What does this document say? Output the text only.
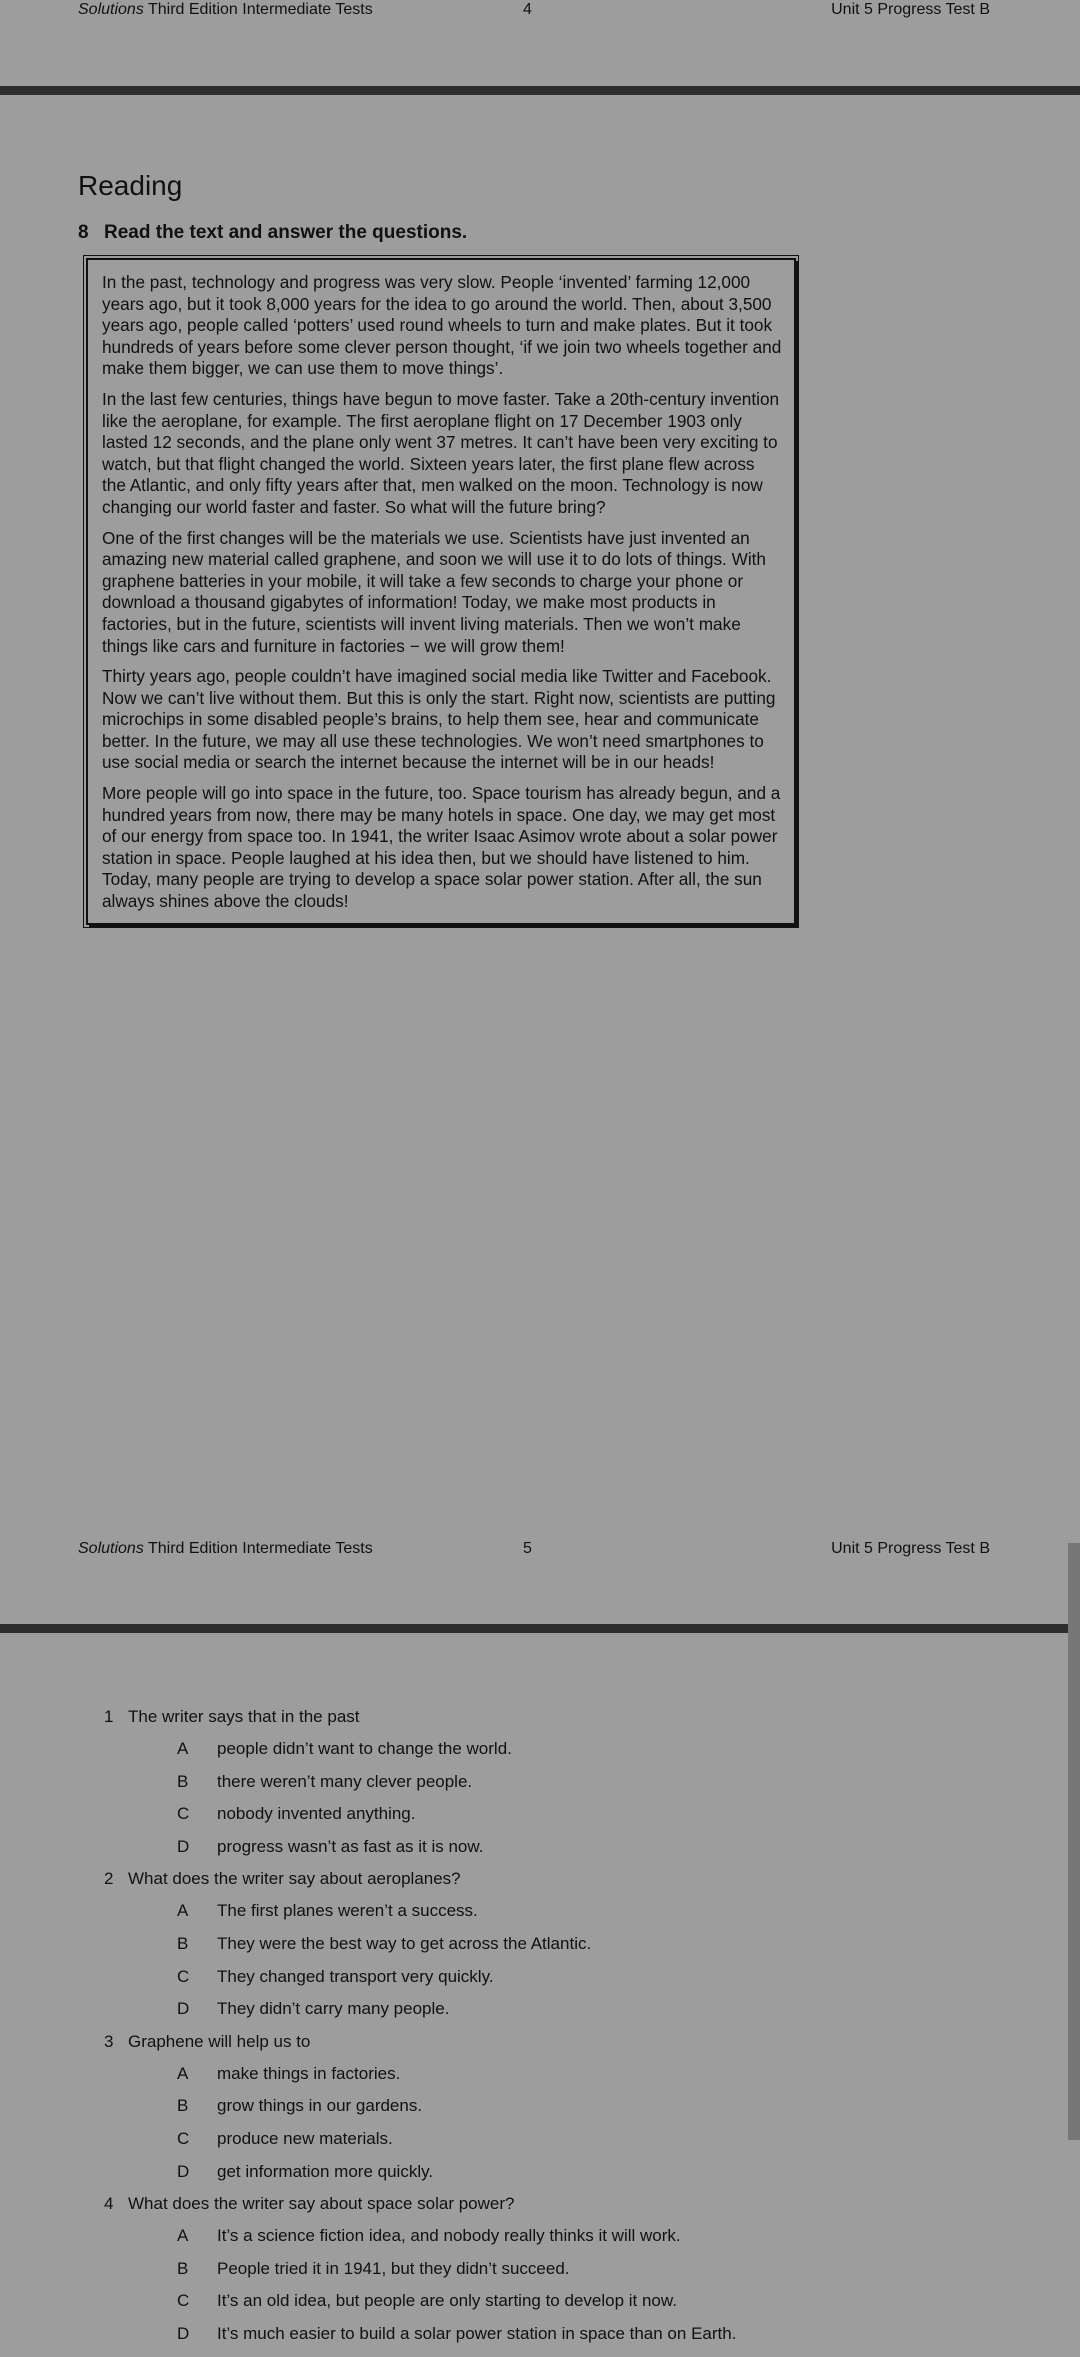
Solutions Third Edition Intermediate Tests	4	Unit 5 Progress Test B
Reading
8 Read the text and answer the questions.

In the past, technology and progress was very slow. People ‘invented’ farming 12,000 years ago, but it took 8,000 years for the idea to go around the world. Then, about 3,500 years ago, people called ‘potters’ used round wheels to turn and make plates. But it took hundreds of years before some clever person thought, ‘if we join two wheels together and make them bigger, we can use them to move things’.

In the last few centuries, things have begun to move faster. Take a 20th-century invention like the aeroplane, for example. The first aeroplane flight on 17 December 1903 only lasted 12 seconds, and the plane only went 37 metres. It can’t have been very exciting to watch, but that flight changed the world. Sixteen years later, the first plane flew across the Atlantic, and only fifty years after that, men walked on the moon. Technology is now changing our world faster and faster. So what will the future bring?

One of the first changes will be the materials we use. Scientists have just invented an amazing new material called graphene, and soon we will use it to do lots of things. With graphene batteries in your mobile, it will take a few seconds to charge your phone or download a thousand gigabytes of information! Today, we make most products in factories, but in the future, scientists will invent living materials. Then we won’t make things like cars and furniture in factories − we will grow them!

Thirty years ago, people couldn’t have imagined social media like Twitter and Facebook. Now we can’t live without them. But this is only the start. Right now, scientists are putting microchips in some disabled people’s brains, to help them see, hear and communicate better. In the future, we may all use these technologies. We won’t need smartphones to use social media or search the internet because the internet will be in our heads!

More people will go into space in the future, too. Space tourism has already begun, and a hundred years from now, there may be many hotels in space. One day, we may get most of our energy from space too. In 1941, the writer Isaac Asimov wrote about a solar power station in space. People laughed at his idea then, but we should have listened to him. Today, many people are trying to develop a space solar power station. After all, the sun always shines above the clouds!

Solutions Third Edition Intermediate Tests	5	Unit 5 Progress Test B
1 The writer says that in the past
A	people didn’t want to change the world.
B	there weren’t many clever people.
C	nobody invented anything.
D	progress wasn’t as fast as it is now.
2 What does the writer say about aeroplanes?
A	The first planes weren’t a success.
B	They were the best way to get across the Atlantic.
C	They changed transport very quickly.
D	They didn’t carry many people.
3 Graphene will help us to
A	make things in factories.
B	grow things in our gardens.
C	produce new materials.
D	get information more quickly.
4 What does the writer say about space solar power?
A	It’s a science fiction idea, and nobody really thinks it will work.
B	People tried it in 1941, but they didn’t succeed.
C	It’s an old idea, but people are only starting to develop it now.
D	It’s much easier to build a solar power station in space than on Earth.
